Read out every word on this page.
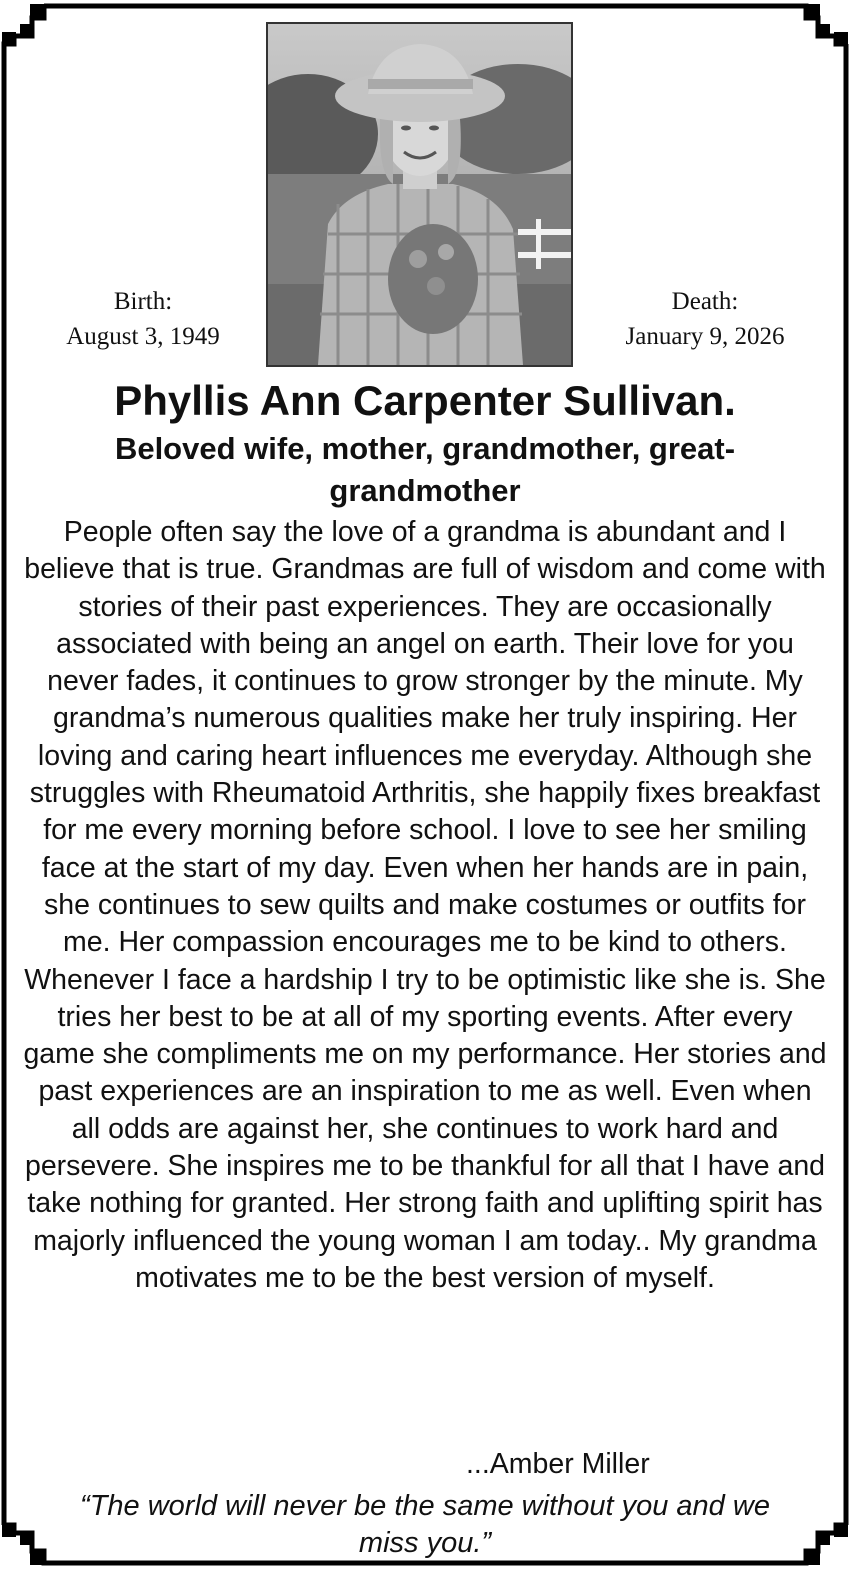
Birth:
August 3, 1949
Death:
January 9, 2026
Phyllis Ann Carpenter Sullivan.
Beloved wife, mother, grandmother, great-grandmother
People often say the love of a grandma is abundant and I believe that is true. Grandmas are full of wisdom and come with stories of their past experiences. They are occasionally associated with being an angel on earth. Their love for you never fades, it continues to grow stronger by the minute. My grandma’s numerous qualities make her truly inspiring. Her loving and caring heart influences me everyday. Although she struggles with Rheumatoid Arthritis, she happily fixes breakfast for me every morning before school. I love to see her smiling face at the start of my day. Even when her hands are in pain, she continues to sew quilts and make costumes or outfits for me. Her compassion encourages me to be kind to others. Whenever I face a hardship I try to be optimistic like she is. She tries her best to be at all of my sporting events. After every game she compliments me on my performance. Her stories and past experiences are an inspiration to me as well. Even when all odds are against her, she continues to work hard and persevere. She inspires me to be thankful for all that I have and take nothing for granted. Her strong faith and uplifting spirit has majorly influenced the young woman I am today.. My grandma motivates me to be the best version of myself.
...Amber Miller
“The world will never be the same without you and we miss you.”
